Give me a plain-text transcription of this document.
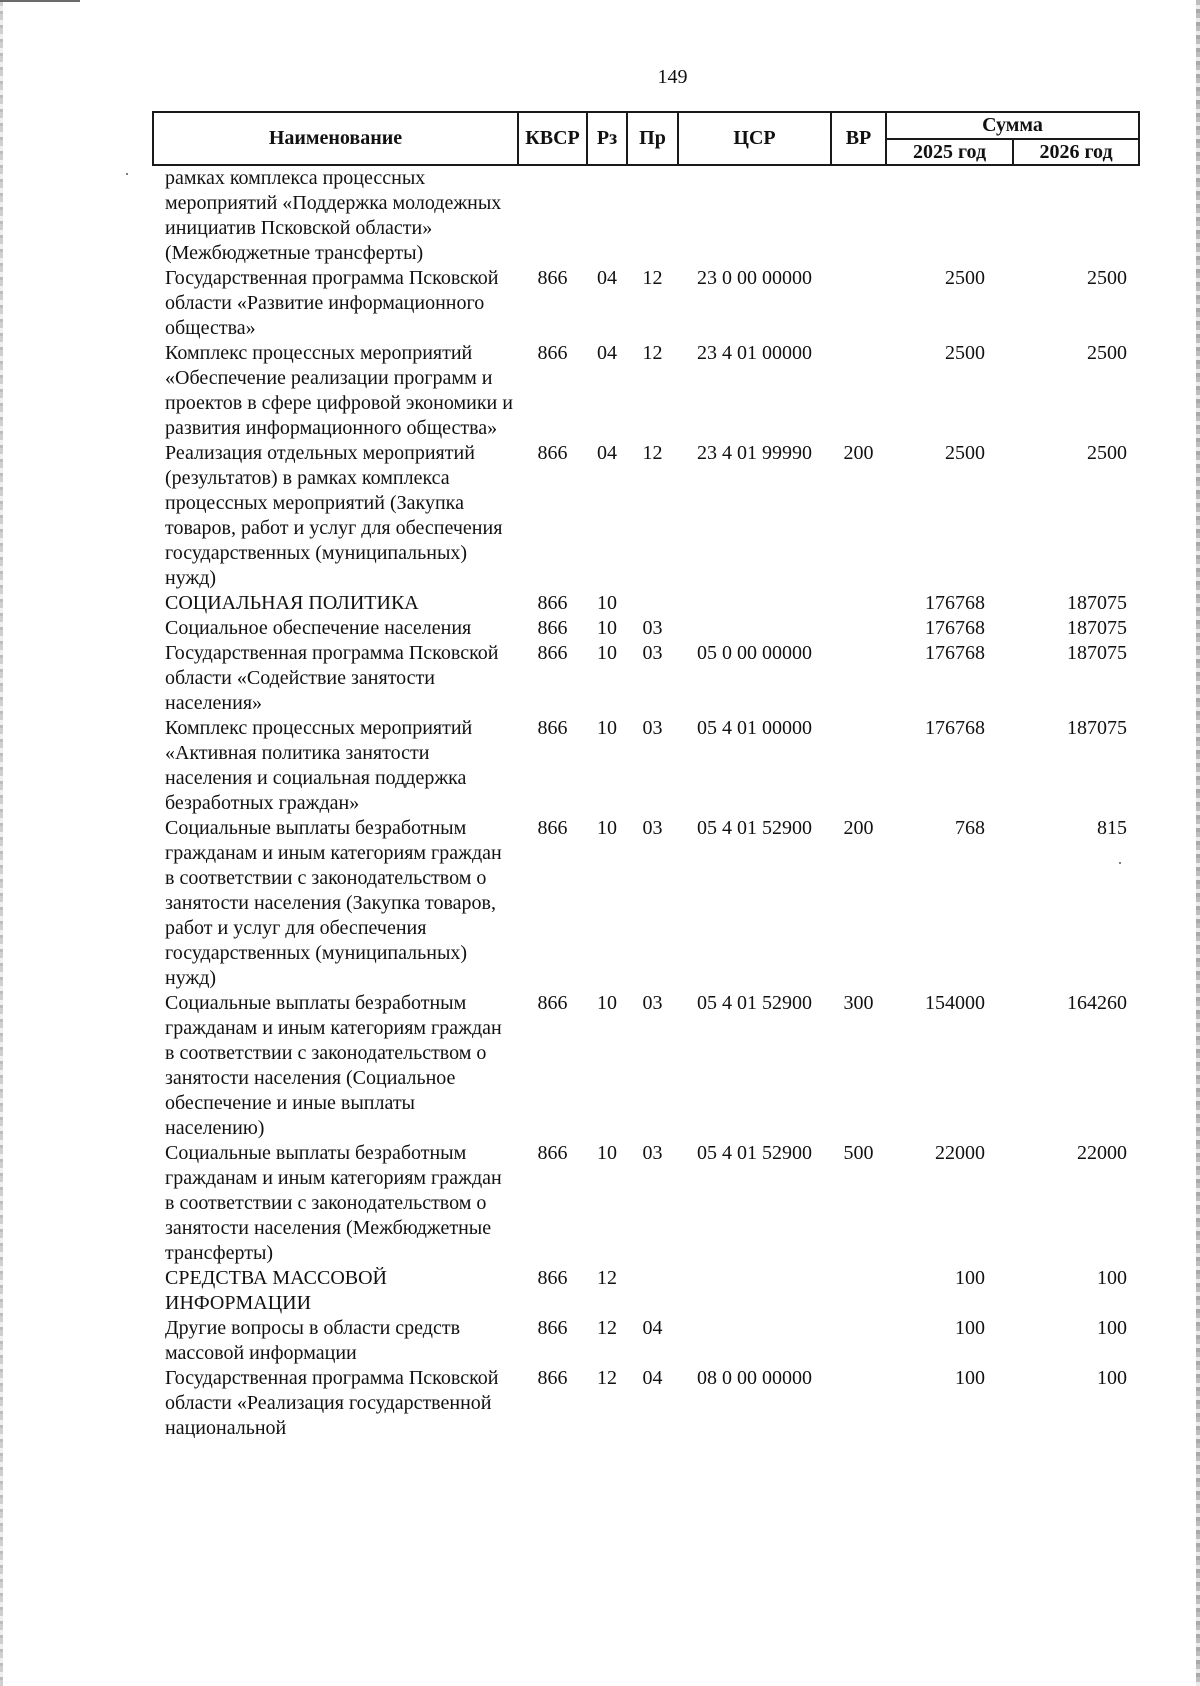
149
Наименование	КВСР	Рз	Пр	ЦСР	ВР	Сумма	
						2025 год	2026 год
рамках комплекса процессных мероприятий «Поддержка молодежных инициатив Псковской области» (Межбюджетные трансферты)							
Государственная программа Псковской области «Развитие информационного общества»	866	04	12	23 0 00 00000		2500	2500
Комплекс процессных мероприятий «Обеспечение реализации программ и проектов в сфере цифровой экономики и развития информационного общества»	866	04	12	23 4 01 00000		2500	2500
Реализация отдельных мероприятий (результатов) в рамках комплекса процессных мероприятий (Закупка товаров, работ и услуг для обеспечения государственных (муниципальных) нужд)	866	04	12	23 4 01 99990	200	2500	2500
СОЦИАЛЬНАЯ ПОЛИТИКА	866	10				176768	187075
Социальное обеспечение населения	866	10	03			176768	187075
Государственная программа Псковской области «Содействие занятости населения»	866	10	03	05 0 00 00000		176768	187075
Комплекс процессных мероприятий «Активная политика занятости населения и социальная поддержка безработных граждан»	866	10	03	05 4 01 00000		176768	187075
Социальные выплаты безработным гражданам и иным категориям граждан в соответствии с законодательством о занятости населения (Закупка товаров, работ и услуг для обеспечения государственных (муниципальных) нужд)	866	10	03	05 4 01 52900	200	768	815
Социальные выплаты безработным гражданам и иным категориям граждан в соответствии с законодательством о занятости населения (Социальное обеспечение и иные выплаты населению)	866	10	03	05 4 01 52900	300	154000	164260
Социальные выплаты безработным гражданам и иным категориям граждан в соответствии с законодательством о занятости населения (Межбюджетные трансферты)	866	10	03	05 4 01 52900	500	22000	22000
СРЕДСТВА МАССОВОЙ ИНФОРМАЦИИ	866	12				100	100
Другие вопросы в области средств массовой информации	866	12	04			100	100
Государственная программа Псковской области «Реализация государственной национальной	866	12	04	08 0 00 00000		100	100
